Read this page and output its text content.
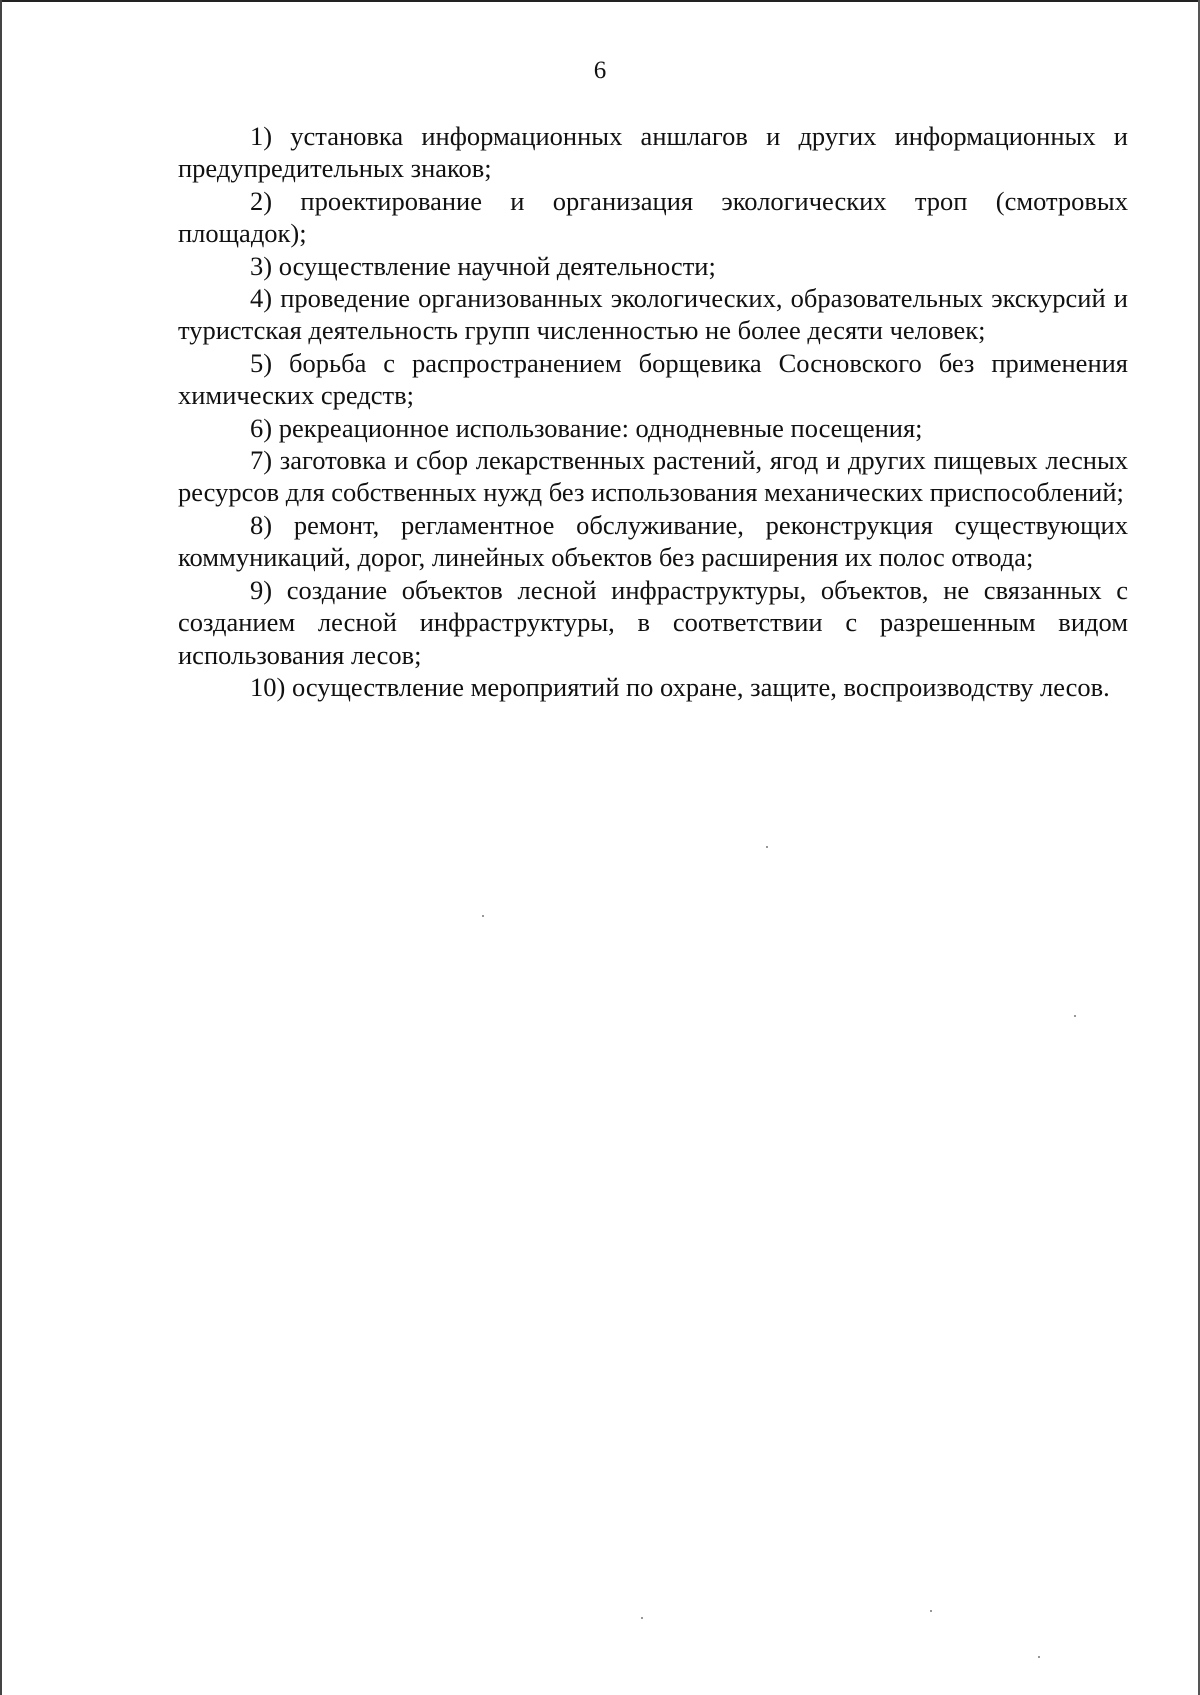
6

1) установка информационных аншлагов и других информационных и предупредительных знаков;

2) проектирование и организация экологических троп (смотровых площадок);

3) осуществление научной деятельности;

4) проведение организованных экологических, образовательных экскурсий и туристская деятельность групп численностью не более десяти человек;

5) борьба с распространением борщевика Сосновского без применения химических средств;

6) рекреационное использование: однодневные посещения;

7) заготовка и сбор лекарственных растений, ягод и других пищевых лесных ресурсов для собственных нужд без использования механических приспособлений;

8) ремонт, регламентное обслуживание, реконструкция существующих коммуникаций, дорог, линейных объектов без расширения их полос отвода;

9) создание объектов лесной инфраструктуры, объектов, не связанных с созданием лесной инфраструктуры, в соответствии с разрешенным видом использования лесов;

10) осуществление мероприятий по охране, защите, воспроизводству лесов.
